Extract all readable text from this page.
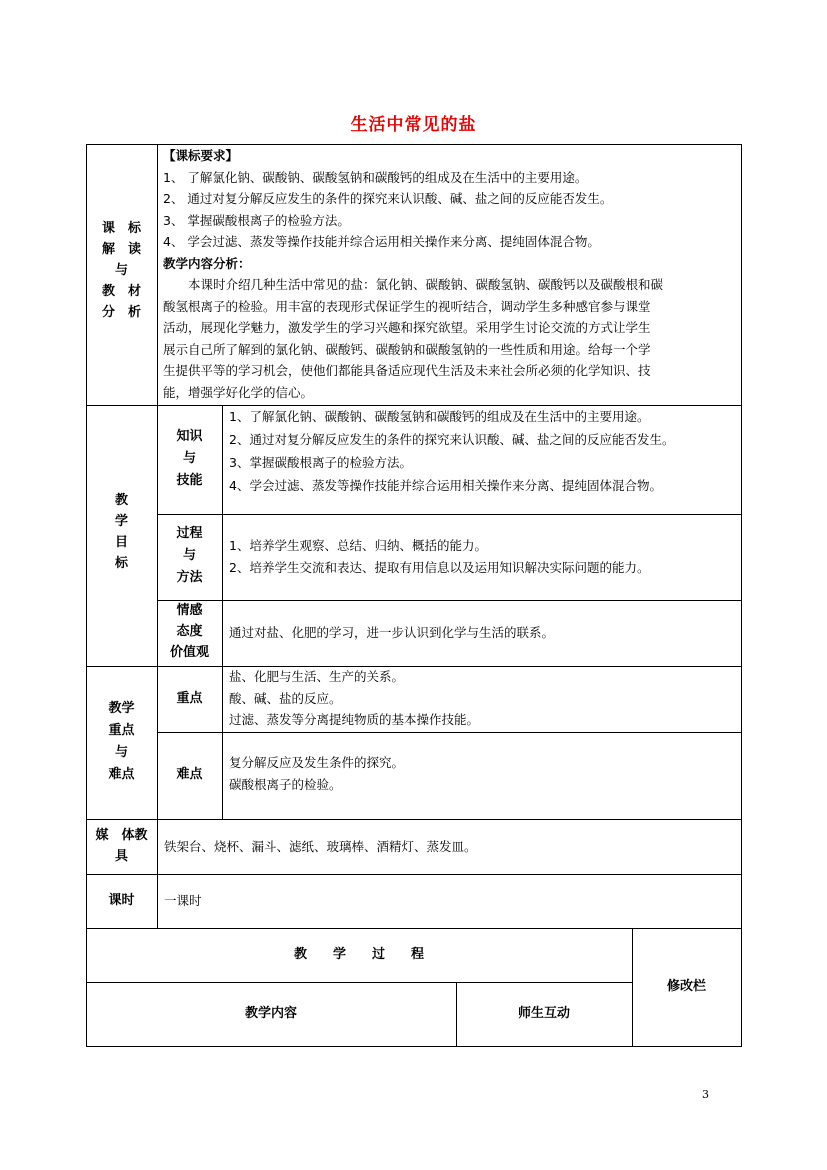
生活中常见的盐
课　标
解　读
与
教　材
分　析
【课标要求】
1、 了解氯化钠、碳酸钠、碳酸氢钠和碳酸钙的组成及在生活中的主要用途。
2、 通过对复分解反应发生的条件的探究来认识酸、碱、盐之间的反应能否发生。
3、 掌握碳酸根离子的检验方法。
4、 学会过滤、蒸发等操作技能并综合运用相关操作来分离、提纯固体混合物。
教学内容分析：
　　本课时介绍几种生活中常见的盐：氯化钠、碳酸钠、碳酸氢钠、碳酸钙以及碳酸根和碳
酸氢根离子的检验。用丰富的表现形式保证学生的视听结合，调动学生多种感官参与课堂
活动，展现化学魅力，激发学生的学习兴趣和探究欲望。采用学生讨论交流的方式让学生
展示自己所了解到的氯化钠、碳酸钙、碳酸钠和碳酸氢钠的一些性质和用途。给每一个学
生提供平等的学习机会，使他们都能具备适应现代生活及未来社会所必须的化学知识、技
能，增强学好化学的信心。
教
学
目
标
知识
与
技能
1、了解氯化钠、碳酸钠、碳酸氢钠和碳酸钙的组成及在生活中的主要用途。
2、通过对复分解反应发生的条件的探究来认识酸、碱、盐之间的反应能否发生。
3、掌握碳酸根离子的检验方法。
4、学会过滤、蒸发等操作技能并综合运用相关操作来分离、提纯固体混合物。
过程
与
方法
1、培养学生观察、总结、归纳、概括的能力。
2、培养学生交流和表达、提取有用信息以及运用知识解决实际问题的能力。
情感
态度
价值观
通过对盐、化肥的学习，进一步认识到化学与生活的联系。
教学
重点
与
难点
重点
盐、化肥与生活、生产的关系。
酸、碱、盐的反应。
过滤、蒸发等分离提纯物质的基本操作技能。
难点
复分解反应及发生条件的探究。
碳酸根离子的检验。
媒　体教
具
铁架台、烧杯、漏斗、滤纸、玻璃棒、酒精灯、蒸发皿。
课时	一课时
教　　学　　过　　程
修改栏
教学内容	师生互动
3
